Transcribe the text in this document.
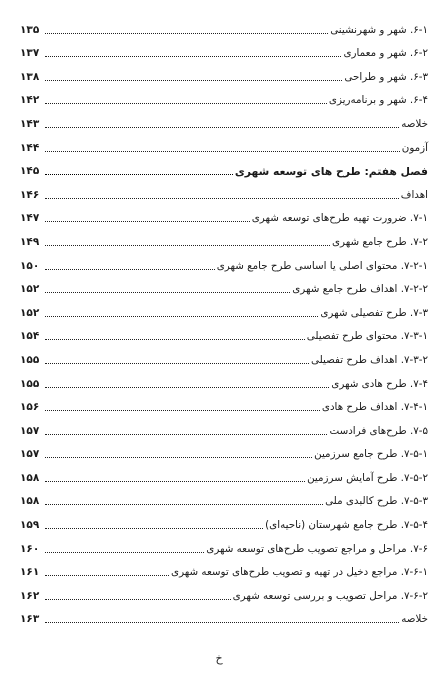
۶-۱. شهر و شهرنشینی
۱۳۵
۶-۲. شهر و معماری
۱۳۷
۶-۳. شهر و طراحی
۱۳۸
۶-۴. شهر و برنامه‌ریزی
۱۴۲
خلاصه
۱۴۳
آزمون
۱۴۴
فصل هفتم: طرح های توسعه شهری
۱۴۵
اهداف
۱۴۶
۷-۱. ضرورت تهیه طرح‌های توسعه شهری
۱۴۷
۷-۲. طرح جامع شهری
۱۴۹
۷-۲-۱. محتوای اصلی یا اساسی طرح جامع شهری
۱۵۰
۷-۲-۲. اهداف طرح جامع شهری
۱۵۲
۷-۳. طرح تفصیلی شهری
۱۵۲
۷-۳-۱. محتوای طرح تفصیلی
۱۵۴
۷-۳-۲. اهداف طرح تفصیلی
۱۵۵
۷-۴. طرح هادی شهری
۱۵۵
۷-۴-۱. اهداف طرح هادی
۱۵۶
۷-۵. طرح‌های فرادست
۱۵۷
۷-۵-۱. طرح جامع سرزمین
۱۵۷
۷-۵-۲. طرح آمایش سرزمین
۱۵۸
۷-۵-۳. طرح کالبدی ملی
۱۵۸
۷-۵-۴. طرح جامع شهرستان (ناحیه‌ای)
۱۵۹
۷-۶. مراحل و مراجع تصویب طرح‌های توسعه شهری
۱۶۰
۷-۶-۱. مراجع دخیل در تهیه و تصویب طرح‌های توسعه شهری
۱۶۱
۷-۶-۲. مراحل تصویب و بررسی توسعه شهری
۱۶۲
خلاصه
۱۶۳
خ
